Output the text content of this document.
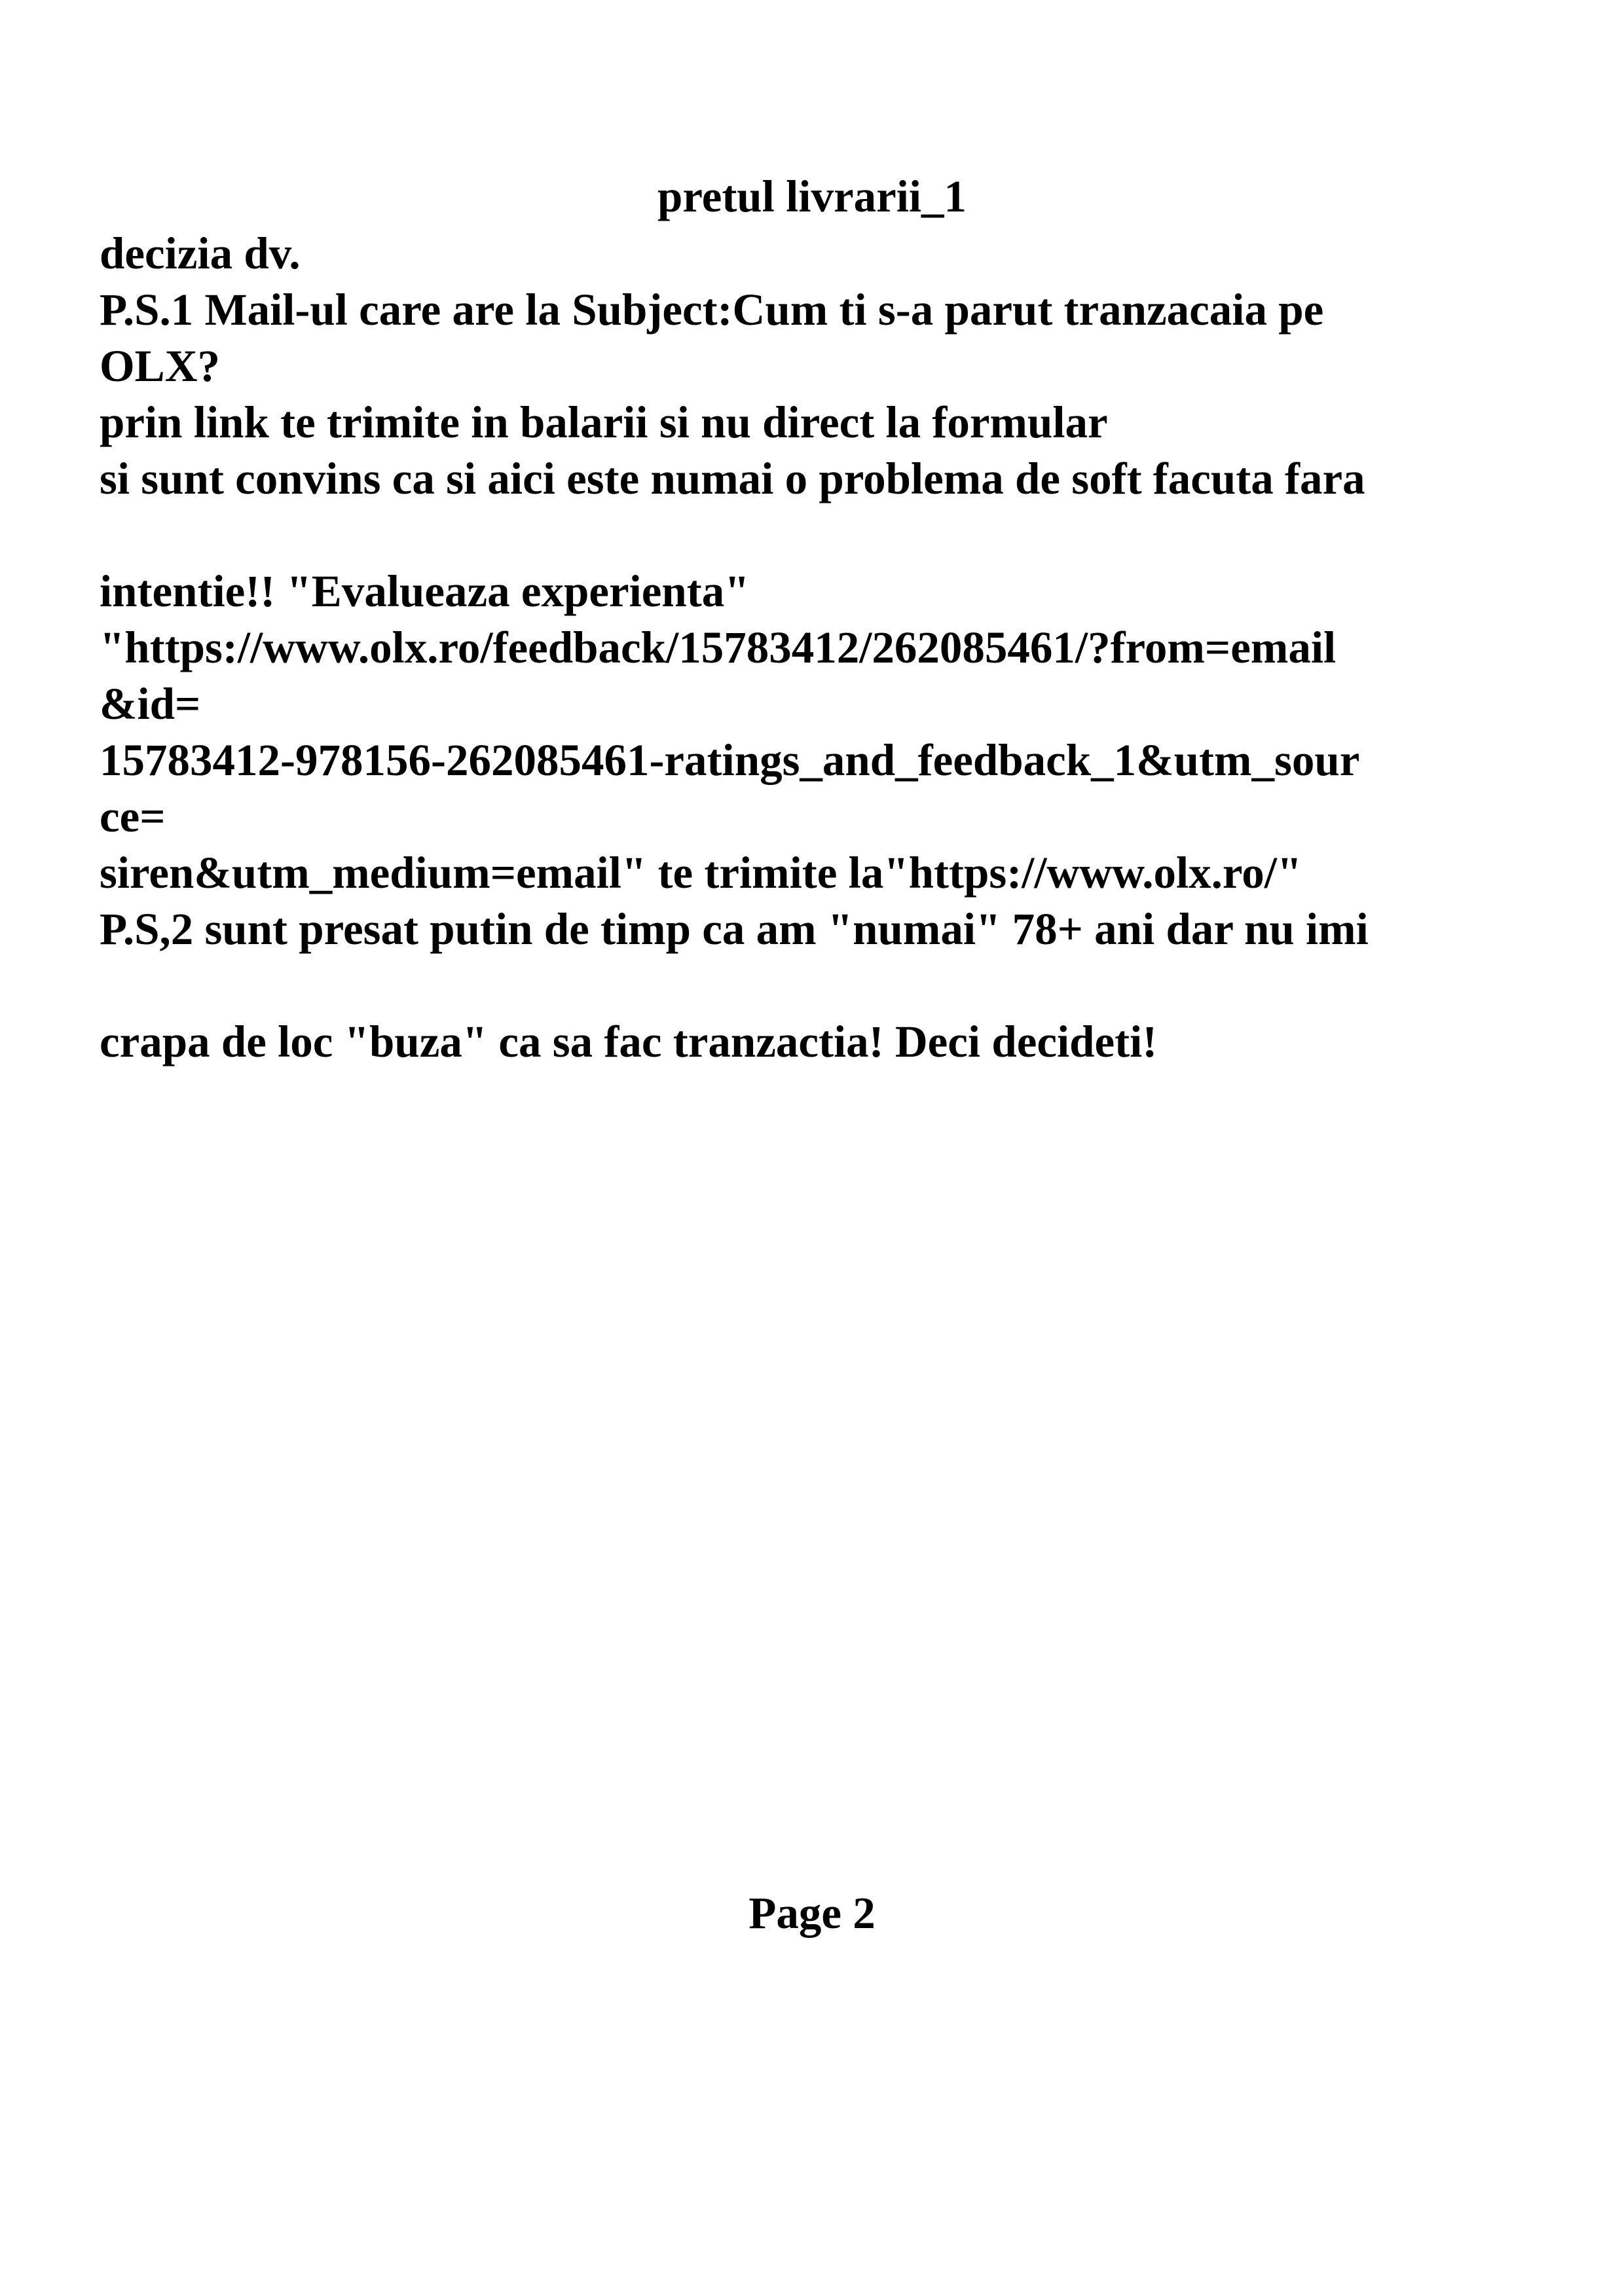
pretul livrarii_1
decizia dv.
P.S.1 Mail-ul care are la Subject:Cum ti s-a parut tranzacaia pe
OLX?
prin link te trimite in balarii si nu direct la formular
si sunt convins ca si aici este numai o problema de soft facuta fara
intentie!! "Evalueaza experienta"
"https://www.olx.ro/feedback/15783412/262085461/?from=email
&id=
15783412-978156-262085461-ratings_and_feedback_1&utm_sour
ce=
siren&utm_medium=email" te trimite la"https://www.olx.ro/"
P.S,2 sunt presat putin de timp ca am "numai" 78+ ani dar nu imi
crapa de loc "buza" ca sa fac tranzactia! Deci decideti!
Page 2
